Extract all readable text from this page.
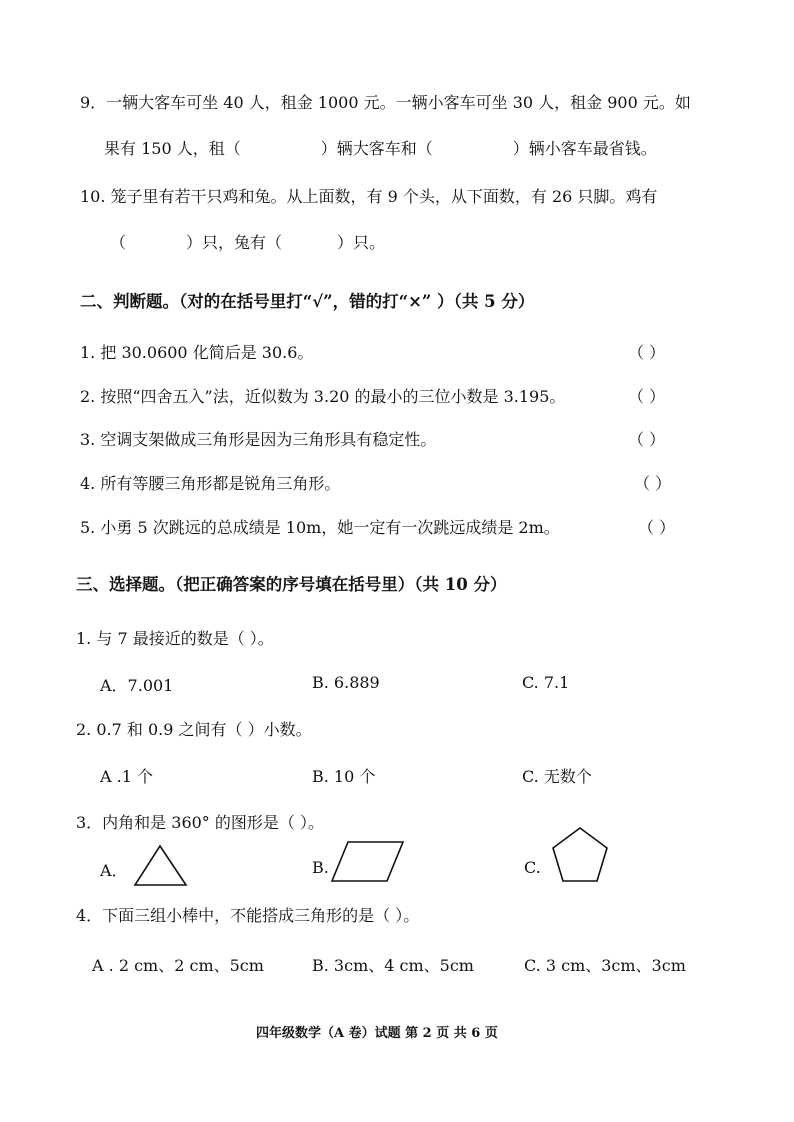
9．一辆大客车可坐 40 人，租金 1000 元。一辆小客车可坐 30 人，租金 900 元。如
果有 150 人，租（	）辆大客车和（	）辆小客车最省钱。
10. 笼子里有若干只鸡和兔。从上面数，有 9 个头，从下面数，有 26 只脚。鸡有
（	）只，兔有（	）只。
二、判断题。（对的在括号里打“√”，错的打“×” ）（共 5 分）
1. 把 30.0600 化简后是 30.6。	（ ）
2. 按照“四舍五入”法，近似数为 3.20 的最小的三位小数是 3.195。	（ ）
3. 空调支架做成三角形是因为三角形具有稳定性。	（ ）
4. 所有等腰三角形都是锐角三角形。	（ ）
5. 小勇 5 次跳远的总成绩是 10m，她一定有一次跳远成绩是 2m。	（ ）
三、选择题。（把正确答案的序号填在括号里）（共 10 分）
1. 与 7 最接近的数是（ ）。
A．7.001	B. 6.889	C. 7.1
2. 0.7 和 0.9 之间有（ ）小数。
A .1 个	B. 10 个	C. 无数个
3．内角和是 360° 的图形是（ ）。
A．	B.	C.
4．下面三组小棒中，不能搭成三角形的是（ ）。
A . 2 cm、2 cm、5cm	B. 3cm、4 cm、5cm	C. 3 cm、3cm、3cm
四年级数学（A 卷）试题 第 2 页 共 6 页
